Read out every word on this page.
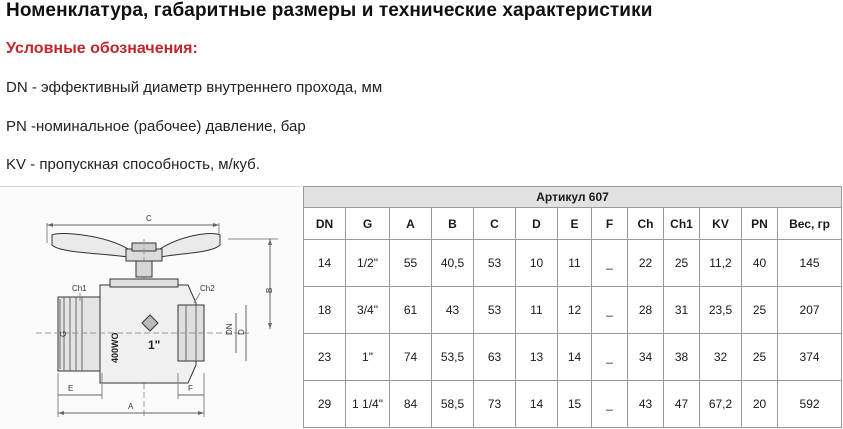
Номенклатура, габаритные размеры и технические характеристики
Условные обозначения:
DN - эффективный диаметр внутреннего прохода, мм
PN -номинальное (рабочее) давление, бар
KV - пропускная способность, м/куб.
C
B
400WO 1"
Ch1	Ch2
G	DN D
E	F
A
Артикул 607												
DN	G	A	B	C	D	E	F	Ch	Ch1	KV	PN	Вес, гр
14	1/2"	55	40,5	53	10	11	_	22	25	11,2	40	145
18	3/4"	61	43	53	11	12	_	28	31	23,5	25	207
23	1"	74	53,5	63	13	14	_	34	38	32	25	374
29	1 1/4"	84	58,5	73	14	15	_	43	47	67,2	20	592
